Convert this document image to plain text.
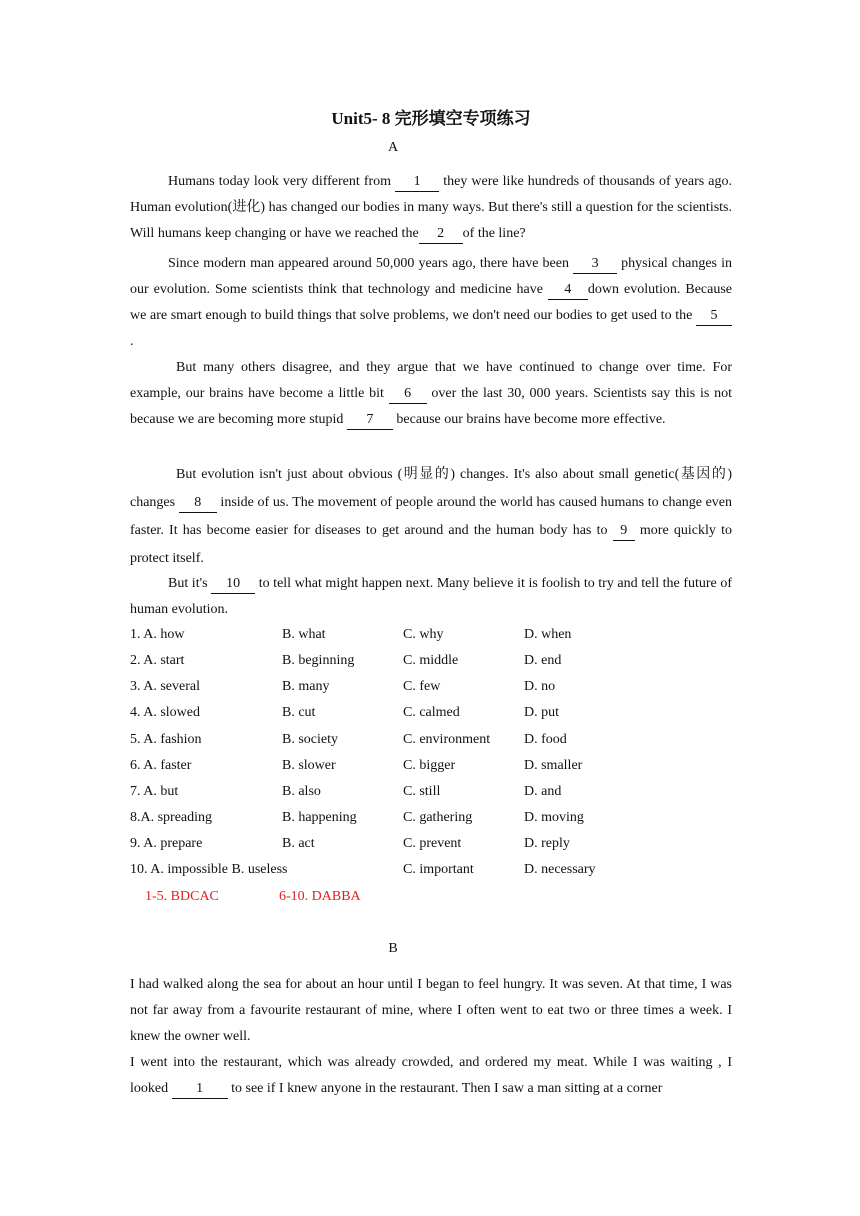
Unit5- 8 完形填空专项练习
A

Humans today look very different from 1 they were like hundreds of thousands of years ago. Human evolution(进化) has changed our bodies in many ways. But there's still a question for the scientists. Will humans keep changing or have we reached the 2 of the line?

Since modern man appeared around 50,000 years ago, there have been 3 physical changes in our evolution. Some scientists think that technology and medicine have 4 down evolution. Because we are smart enough to build things that solve problems, we don't need our bodies to get used to the 5.

But many others disagree, and they argue that we have continued to change over time. For example, our brains have become a little bit 6 over the last 30, 000 years. Scientists say this is not because we are becoming more stupid 7 because our brains have become more effective.

But evolution isn't just about obvious (明显的) changes. It's also about small genetic(基因的) changes 8 inside of us. The movement of people around the world has caused humans to change even faster. It has become easier for diseases to get around and the human body has to 9 more quickly to protect itself.

But it's 10 to tell what might happen next. Many believe it is foolish to try and tell the future of human evolution.

1. A. how	B. what	C. why	D. when
2. A. start	B. beginning	C. middle	D. end
3. A. several	B. many	C. few	D. no
4. A. slowed	B. cut	C. calmed	D. put
5. A. fashion	B. society	C. environment D. food
6. A. faster	B. slower	C. bigger	D. smaller
7. A. but	B. also	C. still	D. and
8.A. spreading	B. happening	C. gathering	D. moving
9. A. prepare	B. act	C. prevent	D. reply
10. A. impossible B. useless	C. important	D. necessary
1-5. BDCAC	6-10. DABBA
B

I had walked along the sea for about an hour until I began to feel hungry. It was seven. At that time, I was not far away from a favourite restaurant of mine, where I often went to eat two or three times a week. I knew the owner well.

I went into the restaurant, which was already crowded, and ordered my meat. While I was waiting , I looked 1 to see if I knew anyone in the restaurant. Then I saw a man sitting at a corner
